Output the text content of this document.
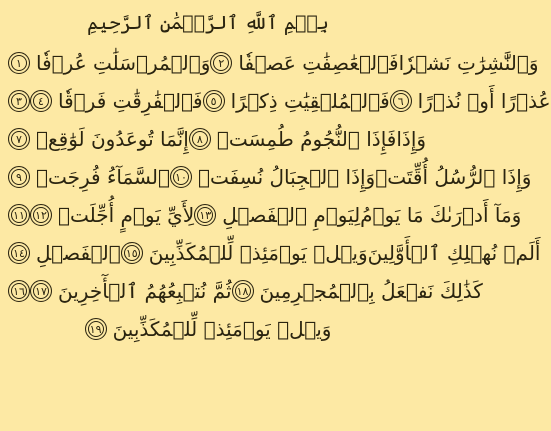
بِسۡمِ ٱللَّهِ ٱلرَّحۡمَٰنِ ٱلرَّحِيمِ
وَٱلۡمُرۡسَلَٰتِ عُرۡفٗا
١	فَٱلۡعَٰصِفَٰتِ عَصۡفٗا
٢	وَٱلنَّٰشِرَٰتِ نَشۡرٗا
٣	فَٱلۡفَٰرِقَٰتِ فَرۡقٗا
٤	فَٱلۡمُلۡقِيَٰتِ ذِكۡرًا
٥	عُذۡرًا أَوۡ نُذۡرًا
٦
إِنَّمَا تُوعَدُونَ لَوَٰقِعٞ
٧	فَإِذَا ٱلنُّجُومُ طُمِسَتۡ
٨	وَإِذَا
ٱلسَّمَآءُ فُرِجَتۡ
٩	وَإِذَا ٱلۡجِبَالُ نُسِفَتۡ
١٠	وَإِذَا ٱلرُّسُلُ أُقِّتَتۡ
١١ لِأَيِّ يَوۡمٍ أُجِّلَتۡ
١٢	لِيَوۡمِ ٱلۡفَصۡلِ
١٣	وَمَآ أَدۡرَىٰكَ مَا يَوۡمُ
ٱلۡفَصۡلِ
١٤	وَيۡلٞ يَوۡمَئِذٖ لِّلۡمُكَذِّبِينَ
١٥	أَلَمۡ نُهۡلِكِ ٱلۡأَوَّلِينَ
١٦ ثُمَّ نُتۡبِعُهُمُ ٱلۡأٓخِرِينَ
١٧	كَذَٰلِكَ نَفۡعَلُ بِٱلۡمُجۡرِمِينَ
١٨
وَيۡلٞ يَوۡمَئِذٖ لِّلۡمُكَذِّبِينَ
١٩
